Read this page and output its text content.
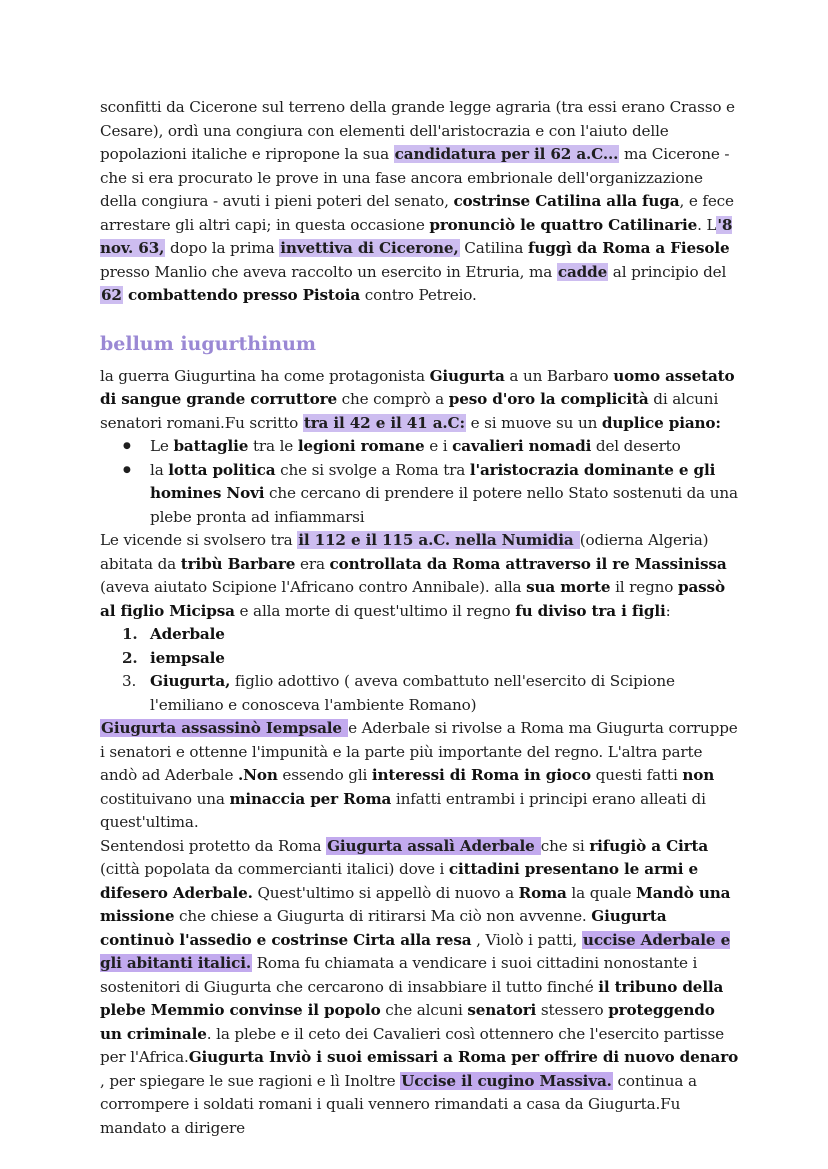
sconfitti da Cicerone sul terreno della grande legge agraria (tra essi erano Crasso e Cesare), ordì una congiura con elementi dell'aristocrazia e con l'aiuto delle popolazioni italiche e ripropone la sua candidatura per il 62 a.C... ma Cicerone - che si era procurato le prove in una fase ancora embrionale dell'organizzazione della congiura - avuti i pieni poteri del senato, costrinse Catilina alla fuga, e fece arrestare gli altri capi; in questa occasione pronunciò le quattro Catilinarie. L'8 nov. 63, dopo la prima invettiva di Cicerone, Catilina fuggì da Roma a Fiesole presso Manlio che aveva raccolto un esercito in Etruria, ma cadde al principio del 62 combattendo presso Pistoia contro Petreio.

bellum iugurthinum

la guerra Giugurtina ha come protagonista Giugurta a un Barbaro uomo assetato di sangue grande corruttore che comprò a peso d'oro la complicità di alcuni senatori romani.Fu scritto tra il 42 e il 41 a.C: e si muove su un duplice piano:

● Le battaglie tra le legioni romane e i cavalieri nomadi del deserto
● la lotta politica che si svolge a Roma tra l'aristocrazia dominante e gli homines Novi che cercano di prendere il potere nello Stato sostenuti da una plebe pronta ad infiammarsi

Le vicende si svolsero tra il 112 e il 115 a.C. nella Numidia (odierna Algeria) abitata da tribù Barbare era controllata da Roma attraverso il re Massinissa (aveva aiutato Scipione l'Africano contro Annibale). alla sua morte il regno passò al figlio Micipsa e alla morte di quest'ultimo il regno fu diviso tra i figli:

1. Aderbale
2. iempsale
3. Giugurta, figlio adottivo ( aveva combattuto nell'esercito di Scipione l'emiliano e conosceva l'ambiente Romano)

Giugurta assassinò Iempsale e Aderbale si rivolse a Roma ma Giugurta corruppe i senatori e ottenne l'impunità e la parte più importante del regno. L'altra parte andò ad Aderbale .Non essendo gli interessi di Roma in gioco questi fatti non costituivano una minaccia per Roma infatti entrambi i principi erano alleati di quest'ultima.

Sentendosi protetto da Roma Giugurta assalì Aderbale che si rifugiò a Cirta (città popolata da commercianti italici) dove i cittadini presentano le armi e difesero Aderbale. Quest'ultimo si appellò di nuovo a Roma la quale Mandò una missione che chiese a Giugurta di ritirarsi Ma ciò non avvenne. Giugurta continuò l'assedio e costrinse Cirta alla resa , Violò i patti, uccise Aderbale e gli abitanti italici. Roma fu chiamata a vendicare i suoi cittadini nonostante i sostenitori di Giugurta che cercarono di insabbiare il tutto finché il tribuno della plebe Memmio convinse il popolo che alcuni senatori stessero proteggendo un criminale. la plebe e il ceto dei Cavalieri così ottennero che l'esercito partisse per l'Africa.Giugurta Inviò i suoi emissari a Roma per offrire di nuovo denaro , per spiegare le sue ragioni e lì Inoltre Uccise il cugino Massiva. continua a corrompere i soldati romani i quali vennero rimandati a casa da Giugurta.Fu mandato a dirigere
